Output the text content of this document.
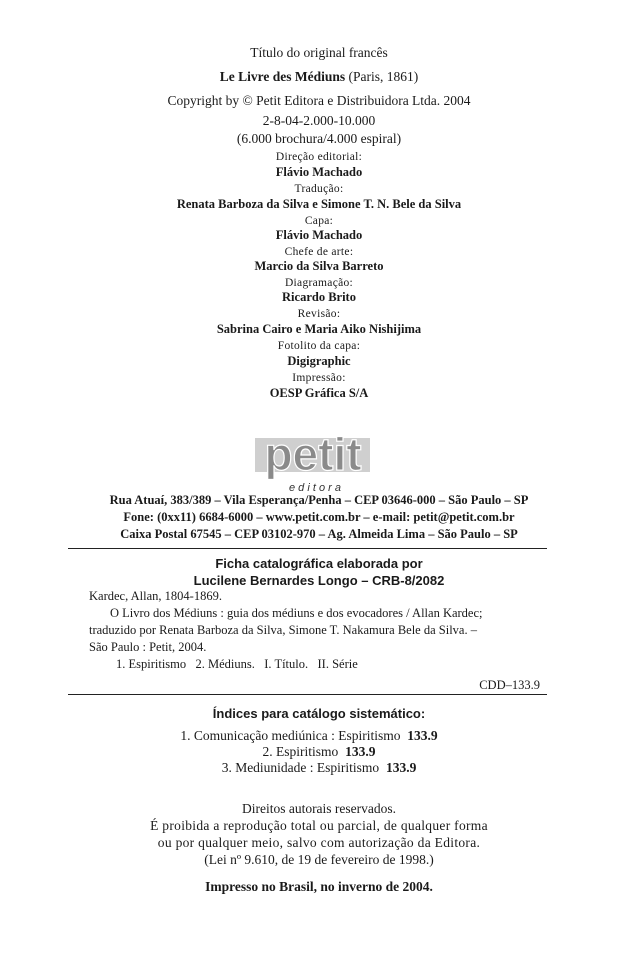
Título do original francês
Le Livre des Médiuns (Paris, 1861)
Copyright by © Petit Editora e Distribuidora Ltda. 2004
2-8-04-2.000-10.000
(6.000 brochura/4.000 espiral)
Direção editorial:
Flávio Machado
Tradução:
Renata Barboza da Silva e Simone T. N. Bele da Silva
Capa:
Flávio Machado
Chefe de arte:
Marcio da Silva Barreto
Diagramação:
Ricardo Brito
Revisão:
Sabrina Cairo e Maria Aiko Nishijima
Fotolito da capa:
Digigraphic
Impressão:
OESP Gráfica S/A
petit
e d i t o r a
Rua Atuaí, 383/389 – Vila Esperança/Penha – CEP 03646-000 – São Paulo – SP
Fone: (0xx11) 6684-6000 – www.petit.com.br – e-mail: petit@petit.com.br
Caixa Postal 67545 – CEP 03102-970 – Ag. Almeida Lima – São Paulo – SP
Ficha catalográfica elaborada por
Lucilene Bernardes Longo – CRB-8/2082
Kardec, Allan, 1804-1869.
O Livro dos Médiuns : guia dos médiuns e dos evocadores / Allan Kardec;
traduzido por Renata Barboza da Silva, Simone T. Nakamura Bele da Silva. –
São Paulo : Petit, 2004.
1. Espiritismo   2. Médiuns.   I. Título.   II. Série
CDD–133.9
Índices para catálogo sistemático:
1. Comunicação mediúnica : Espiritismo 133.9
2. Espiritismo 133.9
3. Mediunidade : Espiritismo 133.9
Direitos autorais reservados.
É proibida a reprodução total ou parcial, de qualquer forma
ou por qualquer meio, salvo com autorização da Editora.
(Lei nº 9.610, de 19 de fevereiro de 1998.)
Impresso no Brasil, no inverno de 2004.
